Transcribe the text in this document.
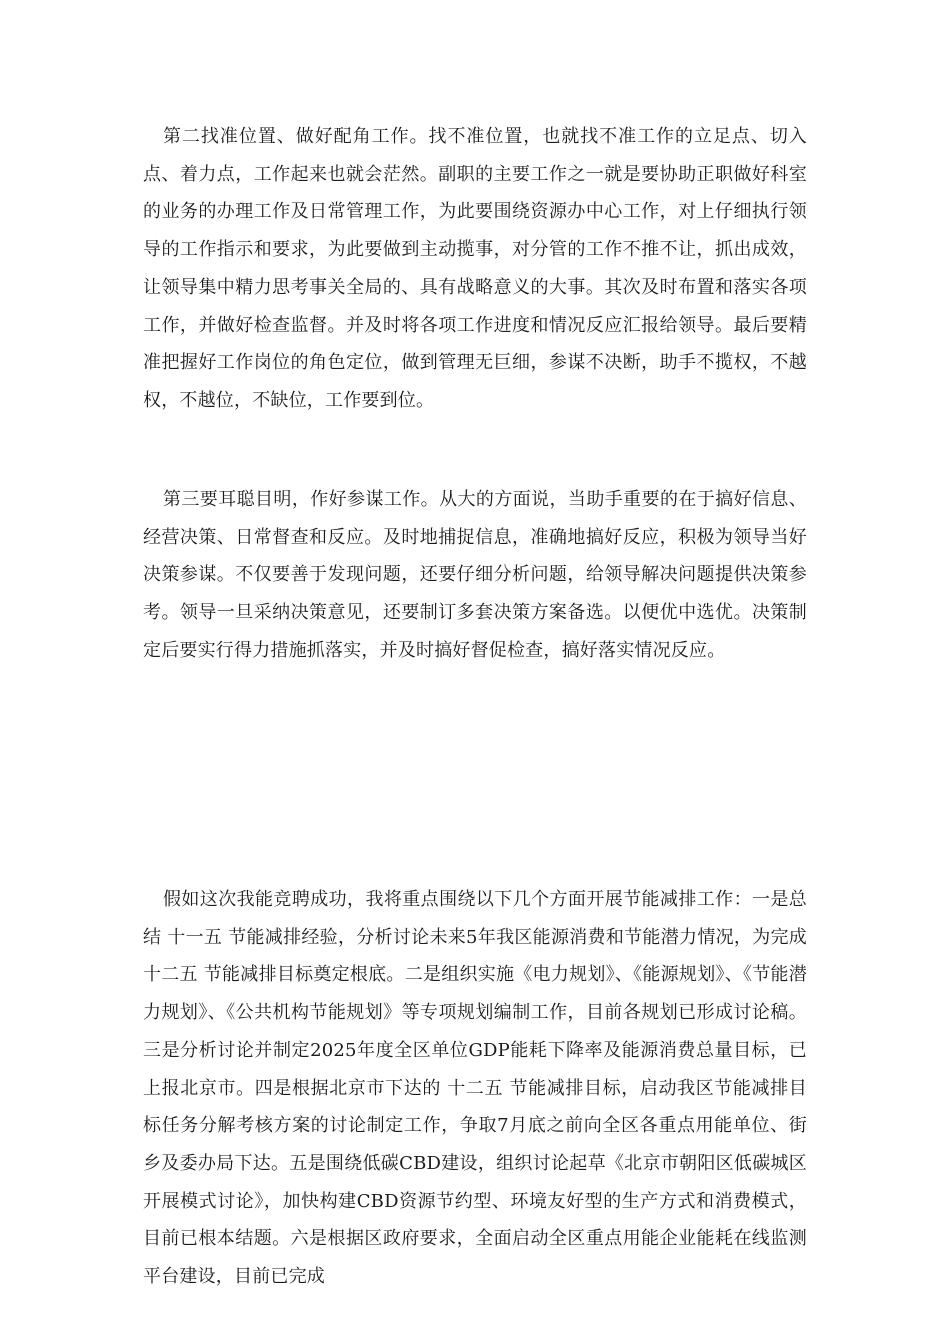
第二找准位置、做好配角工作。找不准位置，也就找不准工作的立足点、切入点、着力点，工作起来也就会茫然。副职的主要工作之一就是要协助正职做好科室的业务的办理工作及日常管理工作，为此要围绕资源办中心工作，对上仔细执行领导的工作指示和要求，为此要做到主动揽事，对分管的工作不推不让，抓出成效，让领导集中精力思考事关全局的、具有战略意义的大事。其次及时布置和落实各项工作，并做好检查监督。并及时将各项工作进度和情况反应汇报给领导。最后要精准把握好工作岗位的角色定位，做到管理无巨细，参谋不决断，助手不揽权，不越权，不越位，不缺位，工作要到位。

第三要耳聪目明，作好参谋工作。从大的方面说，当助手重要的在于搞好信息、经营决策、日常督查和反应。及时地捕捉信息，准确地搞好反应，积极为领导当好决策参谋。不仅要善于发现问题，还要仔细分析问题，给领导解决问题提供决策参考。领导一旦采纳决策意见，还要制订多套决策方案备选。以便优中选优。决策制定后要实行得力措施抓落实，并及时搞好督促检查，搞好落实情况反应。

假如这次我能竞聘成功，我将重点围绕以下几个方面开展节能减排工作：一是总结 十一五 节能减排经验，分析讨论未来5年我区能源消费和节能潜力情况，为完成 十二五 节能减排目标奠定根底。二是组织实施《电力规划》、《能源规划》、《节能潜力规划》、《公共机构节能规划》等专项规划编制工作，目前各规划已形成讨论稿。三是分析讨论并制定2025年度全区单位GDP能耗下降率及能源消费总量目标，已上报北京市。四是根据北京市下达的 十二五 节能减排目标，启动我区节能减排目标任务分解考核方案的讨论制定工作，争取7月底之前向全区各重点用能单位、街乡及委办局下达。五是围绕低碳CBD建设，组织讨论起草《北京市朝阳区低碳城区开展模式讨论》，加快构建CBD资源节约型、环境友好型的生产方式和消费模式，目前已根本结题。六是根据区政府要求，全面启动全区重点用能企业能耗在线监测平台建设，目前已完成
